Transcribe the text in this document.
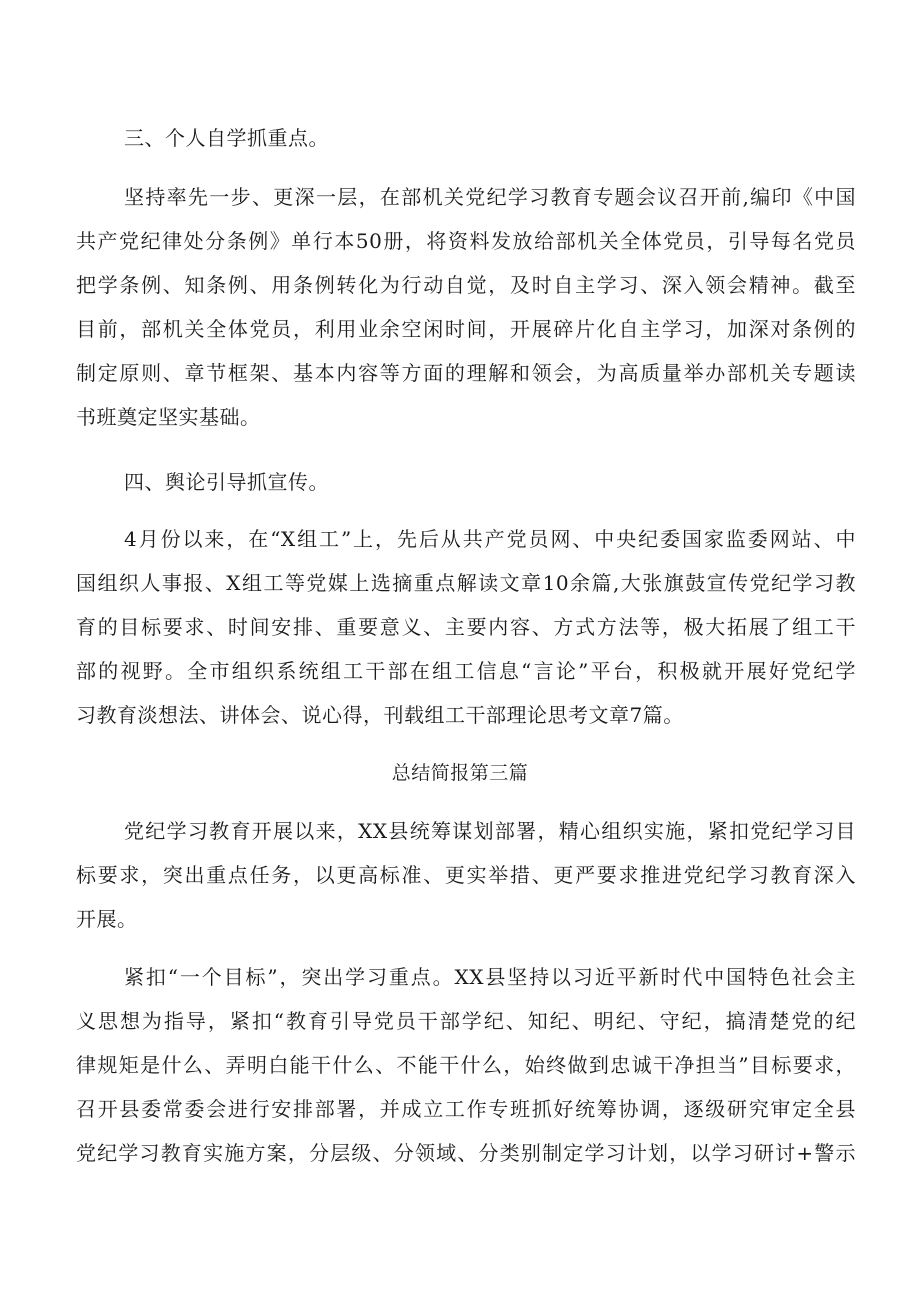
三、个人自学抓重点。
坚持率先一步、更深一层，在部机关党纪学习教育专题会议召开前,编印《中国
共产党纪律处分条例》单行本50册，将资料发放给部机关全体党员，引导每名党员
把学条例、知条例、用条例转化为行动自觉，及时自主学习、深入领会精神。截至
目前，部机关全体党员，利用业余空闲时间，开展碎片化自主学习，加深对条例的
制定原则、章节框架、基本内容等方面的理解和领会，为高质量举办部机关专题读
书班奠定坚实基础。
四、舆论引导抓宣传。
4月份以来，在“X组工”上，先后从共产党员网、中央纪委国家监委网站、中
国组织人事报、X组工等党媒上选摘重点解读文章10余篇,大张旗鼓宣传党纪学习教
育的目标要求、时间安排、重要意义、主要内容、方式方法等，极大拓展了组工干
部的视野。全市组织系统组工干部在组工信息“言论”平台，积极就开展好党纪学
习教育淡想法、讲体会、说心得，刊载组工干部理论思考文章7篇。
总结简报第三篇
党纪学习教育开展以来，XX县统筹谋划部署，精心组织实施，紧扣党纪学习目
标要求，突出重点任务，以更高标准、更实举措、更严要求推进党纪学习教育深入
开展。
紧扣“一个目标”，突出学习重点。XX县坚持以习近平新时代中国特色社会主
义思想为指导，紧扣“教育引导党员干部学纪、知纪、明纪、守纪，搞清楚党的纪
律规矩是什么、弄明白能干什么、不能干什么，始终做到忠诚干净担当”目标要求，
召开县委常委会进行安排部署，并成立工作专班抓好统筹协调，逐级研究审定全县
党纪学习教育实施方案，分层级、分领域、分类别制定学习计划，以学习研讨+警示
